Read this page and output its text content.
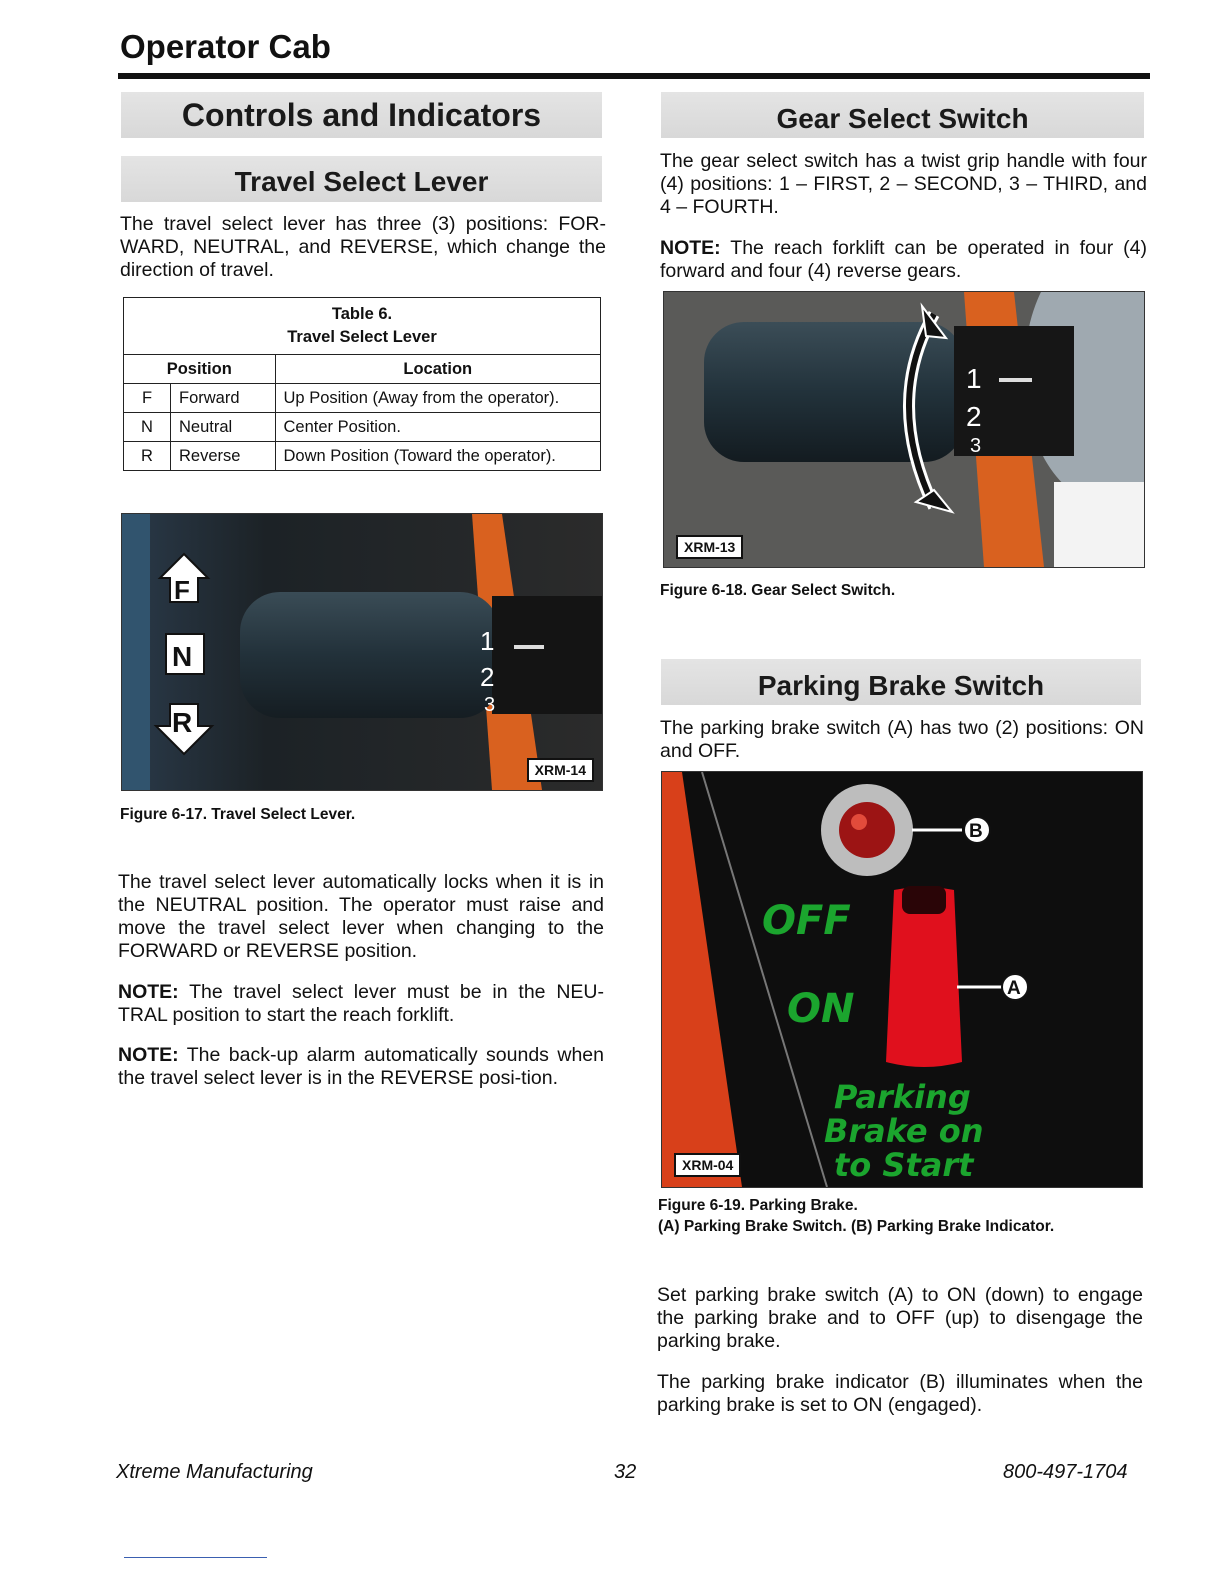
Operator Cab
Controls and Indicators
Travel Select Lever
The travel select lever has three (3) positions: FOR-WARD, NEUTRAL, and REVERSE, which change the direction of travel.
Table 6.
Travel Select Lever		

Position		Location
F	Forward	Up Position (Away from the operator).
N	Neutral	Center Position.
R	Reverse	Down Position (Toward the operator).
1
2
3
F
N
R
XRM-14
Figure 6-17. Travel Select Lever.
The travel select lever automatically locks when it is in the NEUTRAL position. The operator must raise and move the travel select lever when changing to the FORWARD or REVERSE position.
NOTE: The travel select lever must be in the NEU-TRAL position to start the reach forklift.
NOTE: The back-up alarm automatically sounds when the travel select lever is in the REVERSE posi-tion.
Gear Select Switch
The gear select switch has a twist grip handle with four (4) positions: 1 – FIRST, 2 – SECOND, 3 – THIRD, and 4 – FOURTH.
NOTE: The reach forklift can be operated in four (4) forward and four (4) reverse gears.
1
2
3
XRM-13
Figure 6-18. Gear Select Switch.
Parking Brake Switch
The parking brake switch (A) has two (2) positions: ON and OFF.
B
A
OFF
ON
Parking
Brake on
to Start
XRM-04
Figure 6-19. Parking Brake.
(A) Parking Brake Switch. (B) Parking Brake Indicator.
Set parking brake switch (A) to ON (down) to engage the parking brake and to OFF (up) to disengage the parking brake.
The parking brake indicator (B) illuminates when the parking brake is set to ON (engaged).
Xtreme Manufacturing	32	800-497-1704
